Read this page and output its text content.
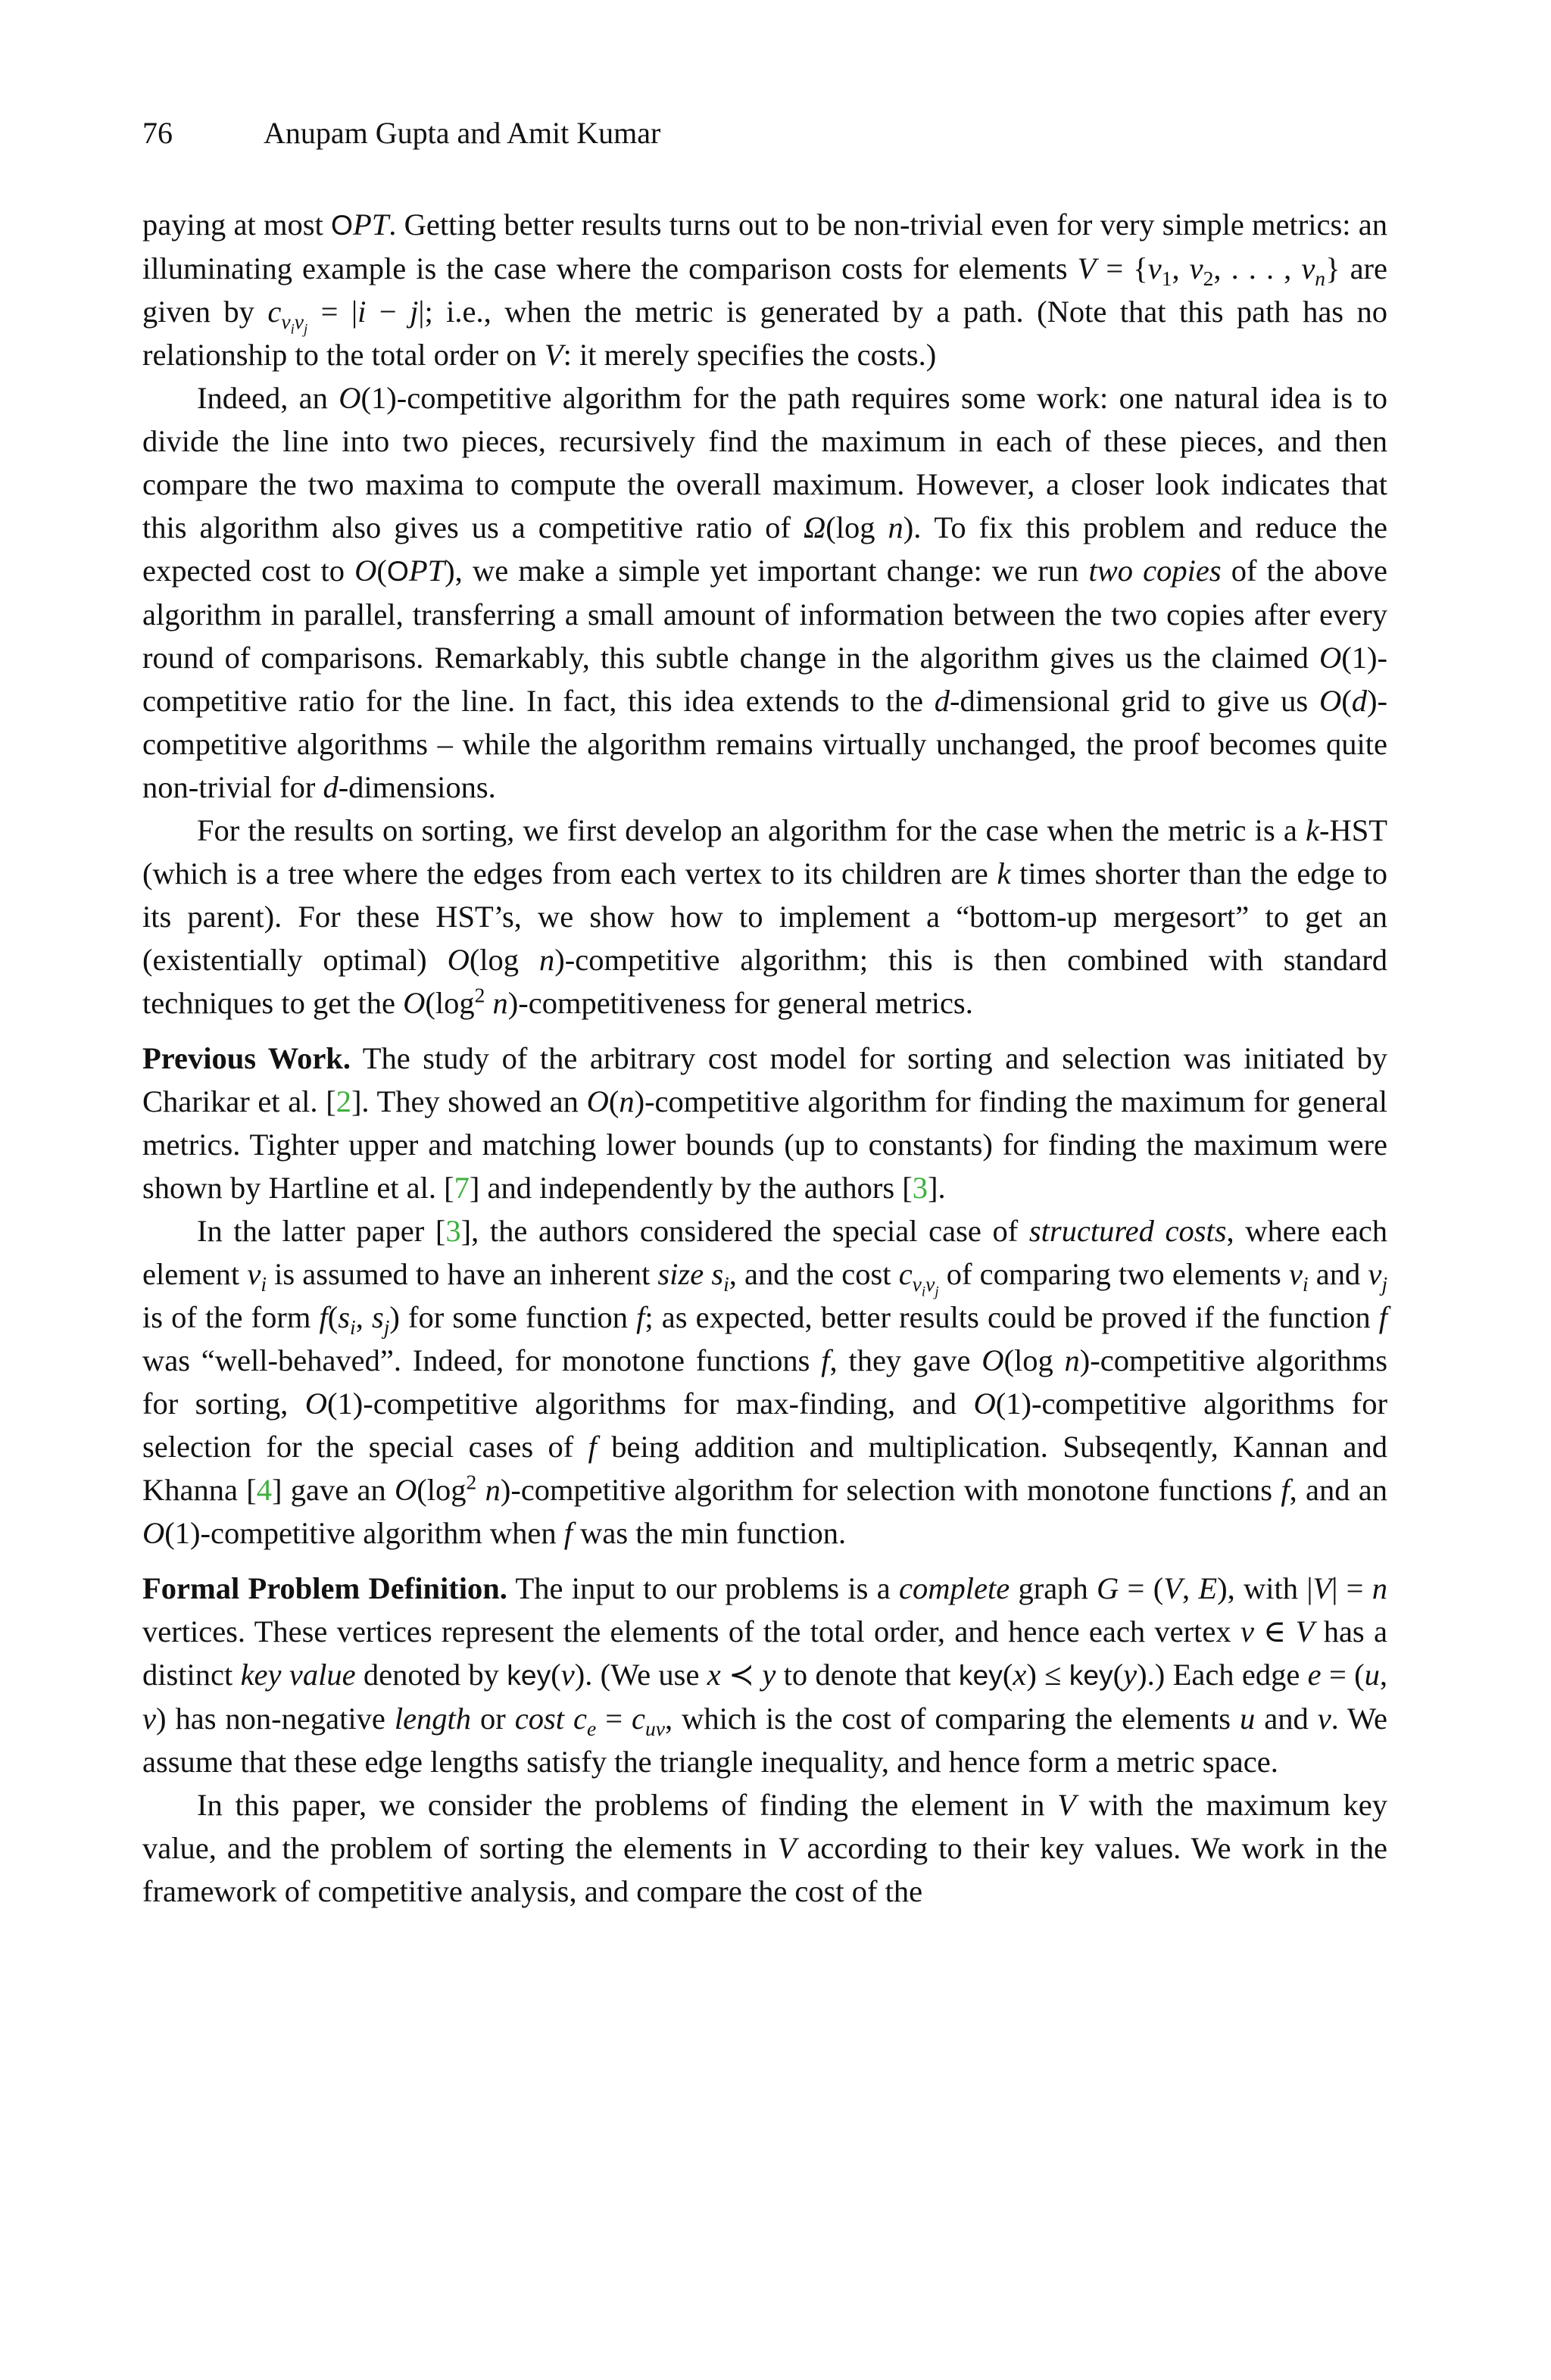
76	Anupam Gupta and Amit Kumar

paying at most OPT. Getting better results turns out to be non-trivial even for very simple metrics: an illuminating example is the case where the comparison costs for elements $V = \{v_1$, $v_2$, . . . , $v_n$} are given by $c_{v_iv_j} = |i - j|$; i.e., when the metric is generated by a path. (Note that this path has no relationship to the total order on V: it merely specifies the costs.)

Indeed, an O(1)-competitive algorithm for the path requires some work: one natural idea is to divide the line into two pieces, recursively find the maximum in each of these pieces, and then compare the two maxima to compute the overall maximum. However, a closer look indicates that this algorithm also gives us a competitive ratio of Ω(log n). To fix this problem and reduce the expected cost to O(OPT), we make a simple yet important change: we run two copies of the above algorithm in parallel, transferring a small amount of information between the two copies after every round of comparisons. Remarkably, this subtle change in the algorithm gives us the claimed O(1)-competitive ratio for the line. In fact, this idea extends to the d-dimensional grid to give us O(d)-competitive algorithms – while the algorithm remains virtually unchanged, the proof becomes quite non-trivial for d-dimensions.

For the results on sorting, we first develop an algorithm for the case when the metric is a k-HST (which is a tree where the edges from each vertex to its children are k times shorter than the edge to its parent). For these HST’s, we show how to implement a “bottom-up mergesort” to get an (existentially optimal) O(log n)-competitive algorithm; this is then combined with standard techniques to get the $O(\log^2$ n)-competitiveness for general metrics.

Previous Work. The study of the arbitrary cost model for sorting and selection was initiated by Charikar et al. [2]. They showed an O(n)-competitive algorithm for finding the maximum for general metrics. Tighter upper and matching lower bounds (up to constants) for finding the maximum were shown by Hartline et al. [7] and independently by the authors [3].

In the latter paper [3], the authors considered the special case of structured costs, where each element $v_i$ is assumed to have an inherent size $s_i$, and the cost $c_{v_iv_j}$ of comparing two elements $v_i$ and $v_j$ is of the form $f(s_i$, $s_j$) for some function f; as expected, better results could be proved if the function f was “well-behaved”. Indeed, for monotone functions f, they gave O(log n)-competitive algorithms for sorting, O(1)-competitive algorithms for max-finding, and O(1)-competitive algorithms for selection for the special cases of f being addition and multiplication. Subseqently, Kannan and Khanna [4] gave an $O(\log^2$ n)-competitive algorithm for selection with monotone functions f, and an O(1)-competitive algorithm when f was the min function.

Formal Problem Definition. The input to our problems is a complete graph G = (V, E), with |V| = n vertices. These vertices represent the elements of the total order, and hence each vertex v ∈ V has a distinct key value denoted by key(v). (We use x ≺ y to denote that key(x) ≤ key(y).) Each edge e = (u, v) has non-negative length or cost $c_e = c_{uv}$, which is the cost of comparing the elements u and v. We assume that these edge lengths satisfy the triangle inequality, and hence form a metric space.

In this paper, we consider the problems of finding the element in V with the maximum key value, and the problem of sorting the elements in V according to their key values. We work in the framework of competitive analysis, and compare the cost of the
